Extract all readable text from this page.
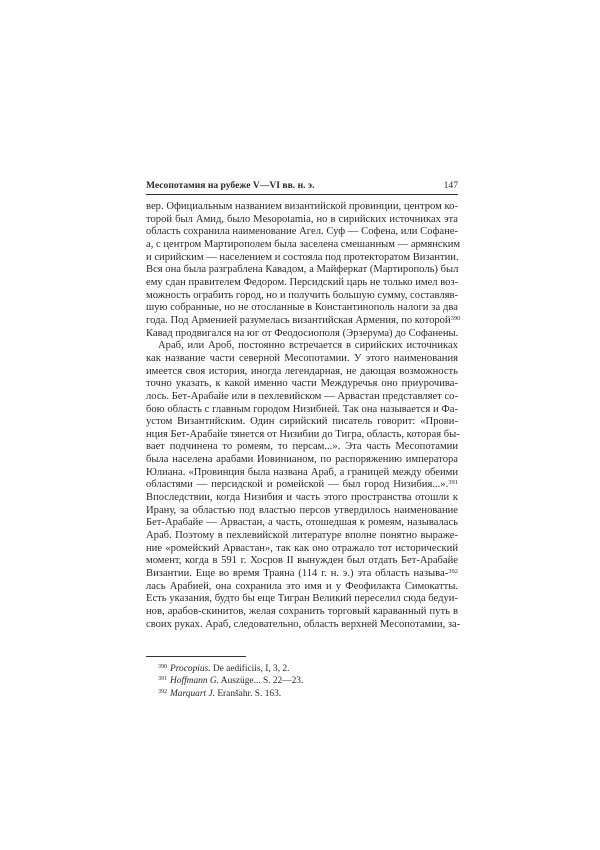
Месопотамия на рубеже V—VI вв. н. э.	147
вер. Официальным названием византийской провинции, центром ко-
торой был Амид, было Mesopotamia, но в сирийских источниках эта
область сохранила наименование Агел. Суф — Софена, или Софане-
а, с центром Мартирополем была заселена смешанным — армянским
и сирийским — населением и состояла под протекторатом Византии.
Вся она была разграблена Кавадом, а Майферкат (Мартирополь) был
ему сдан правителем Федором. Персидский царь не только имел воз-
можность ограбить город, но и получить большую сумму, составляв-
шую собранные, но не отосланные в Константинополь налоги за два
года. Под Арменией разумелась византийская Армения, по которой$^{390}$
Кавад продвигался на юг от Феодосиополя (Эрзерума) до Софанены.
Араб, или Ароб, постоянно встречается в сирийских источниках
как название части северной Месопотамии. У этого наименования
имеется своя история, иногда легендарная, не дающая возможность
точно указать, к какой именно части Междуречья оно приурочива-
лось. Бет-Арабайе или в пехлевийском — Арвастан представляет со-
бою область с главным городом Низибией. Так она называется и Фа-
устом Византийским. Один сирийский писатель говорит: «Прови-
нция Бет-Арабайе тянется от Низибии до Тигра, область, которая бы-
вает подчинена то ромеям, то персам...». Эта часть Месопотамии
была населена арабами Иовинианом, по распоряжению императора
Юлиана. «Провинция была названа Араб, а границей между обеими
областями — персидской и ромейской — был город Низибия...».$^{391}$
Впоследствии, когда Низибия и часть этого пространства отошли к
Ирану, за областью под властью персов утвердилось наименование
Бет-Арабайе — Арвастан, а часть, отошедшая к ромеям, называлась
Араб. Поэтому в пехлевийской литературе вполне понятно выраже-
ние «ромейский Арвастан», так как оно отражало тот исторический
момент, когда в 591 г. Хосров II вынужден был отдать Бет-Арабайе
Византии. Еще во время Траяна (114 г. н. э.) эта область называ-$^{392}$
лась Арабией, она сохранила это имя и у Феофилакта Симокатты.
Есть указания, будто бы еще Тигран Великий переселил сюда бедуи-
нов, арабов-скинитов, желая сохранить торговый караванный путь в
своих руках. Араб, следовательно, область верхней Месопотамии, за-
$^{390}$ Procopius. De aedificiis, I, 3, 2.
$^{391}$ Hoffmann G. Auszüge... S. 22—23.
$^{392}$ Marquart J. Eranšahr. S. 163.
